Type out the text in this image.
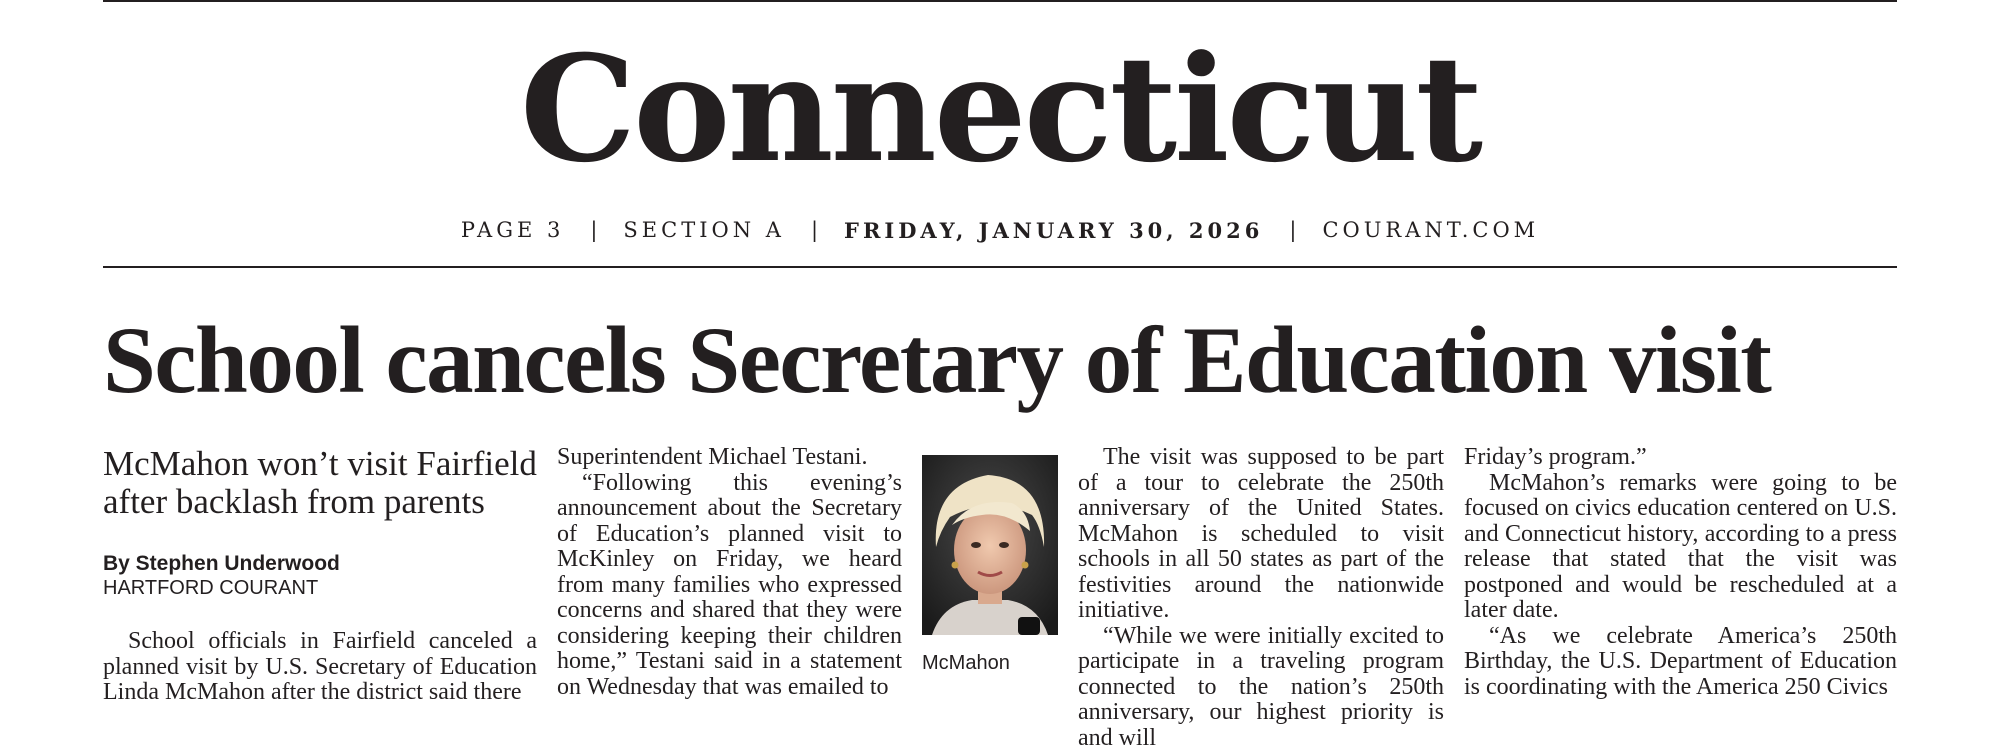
Connecticut
PAGE 3 | SECTION A | FRIDAY, JANUARY 30, 2026 | COURANT.COM
School cancels Secretary of Education visit
McMahon won’t visit Fairfield after backlash from parents
By Stephen Underwood
HARTFORD COURANT

School officials in Fairfield canceled a planned visit by U.S. Secretary of Education Linda McMahon after the district said there

Superintendent Michael Testani.

“Following this evening’s announcement about the Secretary of Education’s planned visit to McKinley on Friday, we heard from many families who expressed concerns and shared that they were considering keeping their children home,” Testani said in a statement on Wednesday that was emailed to

McMahon

The visit was supposed to be part of a tour to celebrate the 250th anniversary of the United States. McMahon is scheduled to visit schools in all 50 states as part of the festivities around the nationwide initiative.

“While we were initially excited to participate in a traveling program connected to the nation’s 250th anniversary, our highest priority is and will

Friday’s program.”

McMahon’s remarks were going to be focused on civics education centered on U.S. and Connecticut history, according to a press release that stated that the visit was postponed and would be rescheduled at a later date.

“As we celebrate America’s 250th Birthday, the U.S. Department of Education is coordinating with the America 250 Civics
